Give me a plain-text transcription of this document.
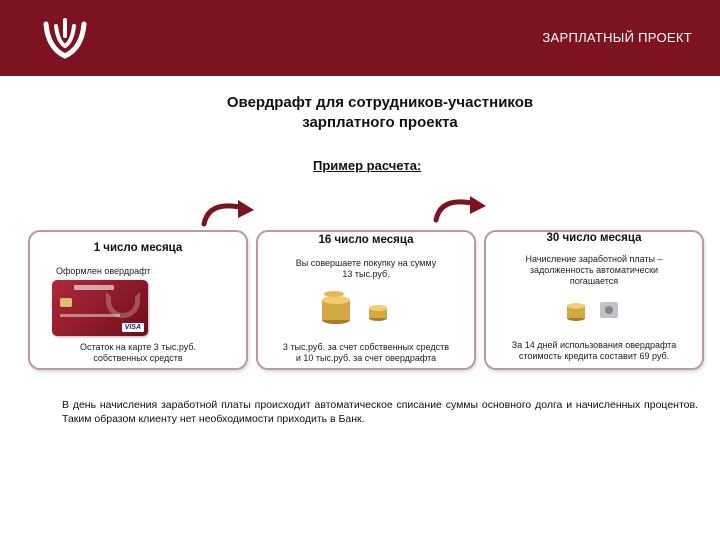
ЗАРПЛАТНЫЙ ПРОЕКТ
Овердрафт для сотрудников-участников
зарплатного проекта
Пример расчета:
1 число месяца
Оформлен овердрафт
VISA
Остаток на карте 3 тыс.руб.
собственных средств
16 число месяца
Вы совершаете покупку на сумму
13 тыс.руб.
3 тыс.руб. за счет собственных средств
и 10 тыс.руб. за счет овердрафта
30 число месяца
Начисление заработной платы –
задолженность автоматически
погашается
За 14 дней использования овердрафта
стоимость кредита составит 69 руб.
В день начисления заработной платы происходит автоматическое списание суммы основного долга и начисленных процентов. Таким образом клиенту нет необходимости приходить в Банк.
